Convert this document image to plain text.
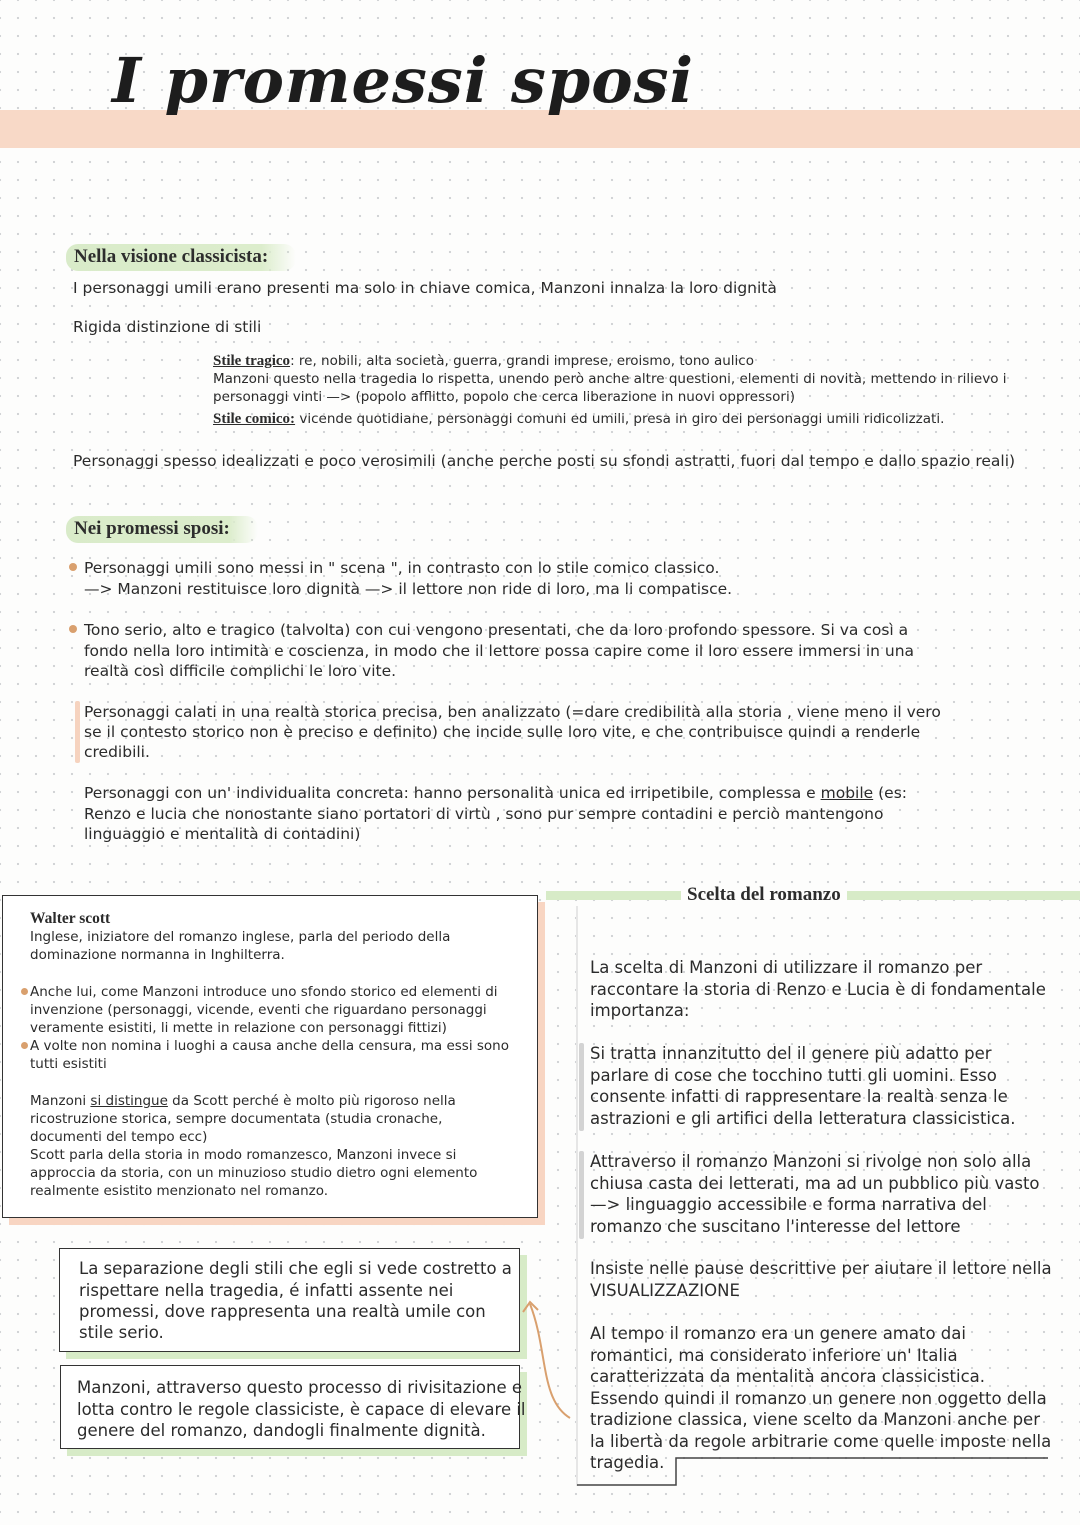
I promessi sposi
Nella visione classicista:
I personaggi umili erano presenti ma solo in chiave comica, Manzoni innalza la loro dignità
Rigida distinzione di stili
Stile tragico: re, nobili, alta società, guerra, grandi imprese, eroismo, tono aulico
Manzoni questo nella tragedia lo rispetta, unendo però anche altre questioni, elementi di novità, mettendo in rilievo i
personaggi vinti —> (popolo afflitto, popolo che cerca liberazione in nuovi oppressori)
Stile comico: vicende quotidiane, personaggi comuni ed umili, presa in giro dei personaggi umili ridicolizzati.
Personaggi spesso idealizzati e poco verosimili (anche perche posti su sfondi astratti, fuori dal tempo e dallo spazio reali)
Nei promessi sposi:
Personaggi umili sono messi in " scena ", in contrasto con lo stile comico classico.
—> Manzoni restituisce loro dignità —> il lettore non ride di loro, ma li compatisce.
Tono serio, alto e tragico (talvolta) con cui vengono presentati, che da loro profondo spessore. Si va così a
fondo nella loro intimità e coscienza, in modo che il lettore possa capire come il loro essere immersi in una
realtà così difficile complichi le loro vite.
Personaggi calati in una realtà storica precisa, ben analizzato (=dare credibilità alla storia , viene meno il vero
se il contesto storico non è preciso e definito) che incide sulle loro vite, e che contribuisce quindi a renderle
credibili.
Personaggi con un' individualita concreta: hanno personalità unica ed irripetibile, complessa e mobile (es:
Renzo e lucia che nonostante siano portatori di virtù , sono pur sempre contadini e perciò mantengono
linguaggio e mentalità di contadini)
Walter scott
Inglese, iniziatore del romanzo inglese, parla del periodo della
dominazione normanna in Inghilterra.
Anche lui, come Manzoni introduce uno sfondo storico ed elementi di
invenzione (personaggi, vicende, eventi che riguardano personaggi
veramente esistiti, li mette in relazione con personaggi fittizi)
A volte non nomina i luoghi a causa anche della censura, ma essi sono
tutti esistiti
Manzoni si distingue da Scott perché è molto più rigoroso nella
ricostruzione storica, sempre documentata (studia cronache,
documenti del tempo ecc)
Scott parla della storia in modo romanzesco, Manzoni invece si
approccia da storia, con un minuzioso studio dietro ogni elemento
realmente esistito menzionato nel romanzo.
La separazione degli stili che egli si vede costretto a
rispettare nella tragedia, é infatti assente nei
promessi, dove rappresenta una realtà umile con
stile serio.
Manzoni, attraverso questo processo di rivisitazione e
lotta contro le regole classiciste, è capace di elevare il
genere del romanzo, dandogli finalmente dignità.
Scelta del romanzo
La scelta di Manzoni di utilizzare il romanzo per
raccontare la storia di Renzo e Lucia è di fondamentale
importanza:
Si tratta innanzitutto del il genere più adatto per
parlare di cose che tocchino tutti gli uomini. Esso
consente infatti di rappresentare la realtà senza le
astrazioni e gli artifici della letteratura classicistica.
Attraverso il romanzo Manzoni si rivolge non solo alla
chiusa casta dei letterati, ma ad un pubblico più vasto
—> linguaggio accessibile e forma narrativa del
romanzo che suscitano l'interesse del lettore
Insiste nelle pause descrittive per aiutare il lettore nella
VISUALIZZAZIONE
Al tempo il romanzo era un genere amato dai
romantici, ma considerato inferiore un' Italia
caratterizzata da mentalità ancora classicistica.
Essendo quindi il romanzo un genere non oggetto della
tradizione classica, viene scelto da Manzoni anche per
la libertà da regole arbitrarie come quelle imposte nella
tragedia.
